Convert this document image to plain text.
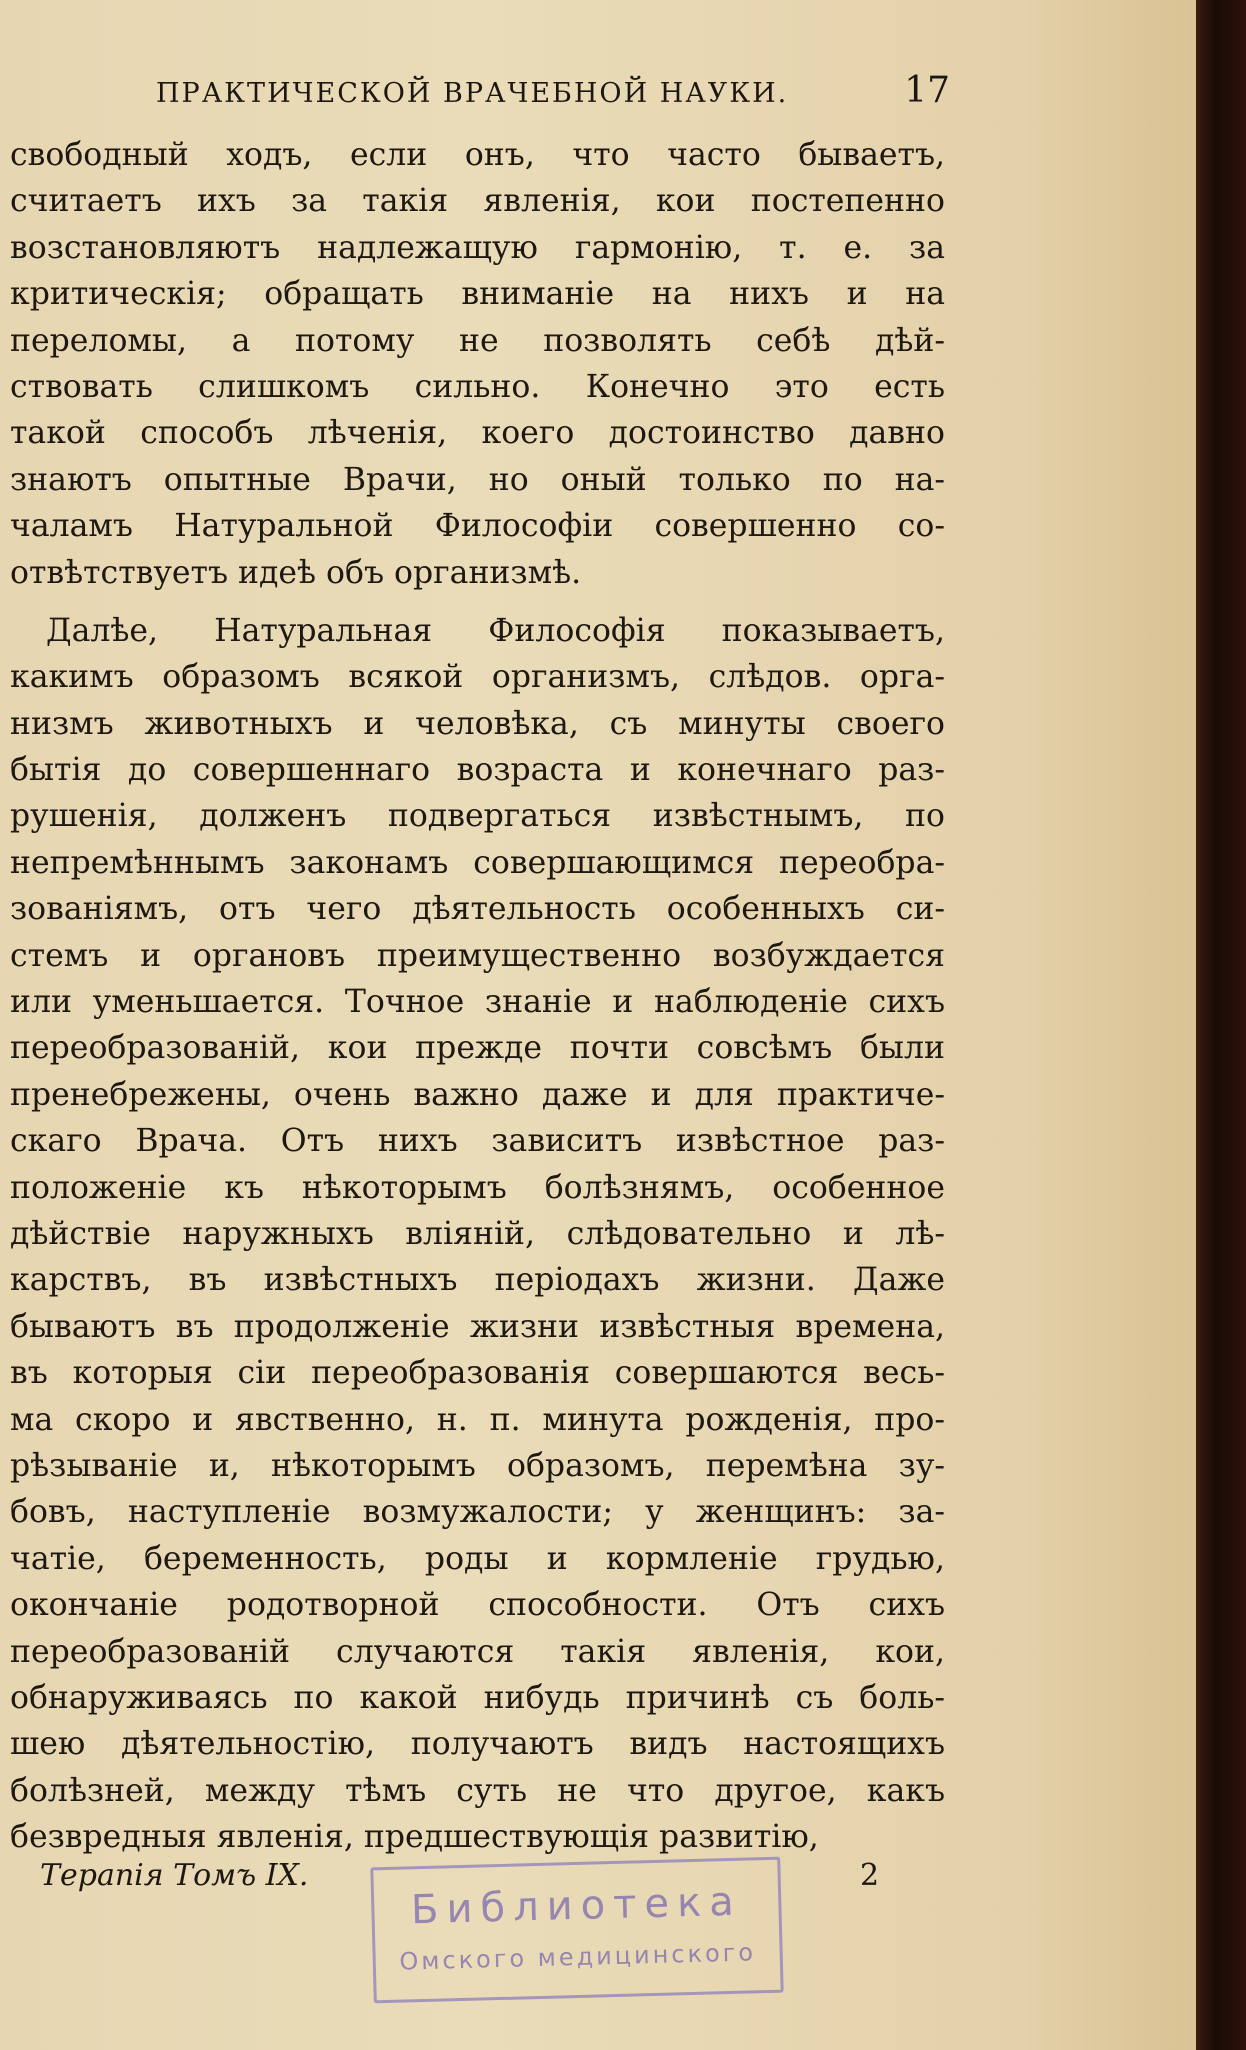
ПРАКТИЧЕСКОЙ ВРАЧЕБНОЙ НАУКИ.	17
свободный ходъ, если онъ, что часто бываетъ,
считаетъ ихъ за такія явленія, кои постепенно
возстановляютъ надлежащую гармонію, т. е. за
критическія; обращать вниманіе на нихъ и на
переломы, а потому не позволять себѣ дѣй-
ствовать слишкомъ сильно. Конечно это есть
такой способъ лѣченія, коего достоинство давно
знаютъ опытные Врачи, но оный только по на-
чаламъ Натуральной Философіи совершенно со-
отвѣтствуетъ идеѣ объ организмѣ.
Далѣе, Натуральная Философія показываетъ,
какимъ образомъ всякой организмъ, слѣдов. орга-
низмъ животныхъ и человѣка, съ минуты своего
бытія до совершеннаго возраста и конечнаго раз-
рушенія, долженъ подвергаться извѣстнымъ, по
непремѣннымъ законамъ совершающимся переобра-
зованіямъ, отъ чего дѣятельность особенныхъ си-
стемъ и органовъ преимущественно возбуждается
или уменьшается. Точное знаніе и наблюденіе сихъ
переобразованій, кои прежде почти совсѣмъ были
пренебрежены, очень важно даже и для практиче-
скаго Врача. Отъ нихъ зависитъ извѣстное раз-
положеніе къ нѣкоторымъ болѣзнямъ, особенное
дѣйствіе наружныхъ вліяній, слѣдовательно и лѣ-
карствъ, въ извѣстныхъ періодахъ жизни. Даже
бываютъ въ продолженіе жизни извѣстныя времена,
въ которыя сіи переобразованія совершаются весь-
ма скоро и явственно, н. п. минута рожденія, про-
рѣзываніе и, нѣкоторымъ образомъ, перемѣна зу-
бовъ, наступленіе возмужалости; у женщинъ: за-
чатіе, беременность, роды и кормленіе грудью,
окончаніе родотворной способности. Отъ сихъ
переобразованій случаются такія явленія, кои,
обнаруживаясь по какой нибудь причинѣ съ боль-
шею дѣятельностію, получаютъ видъ настоящихъ
болѣзней, между тѣмъ суть не что другое, какъ
безвредныя явленія, предшествующія развитію,
Терапія Томъ IX.	2
Библиотека
Омского медицинского
